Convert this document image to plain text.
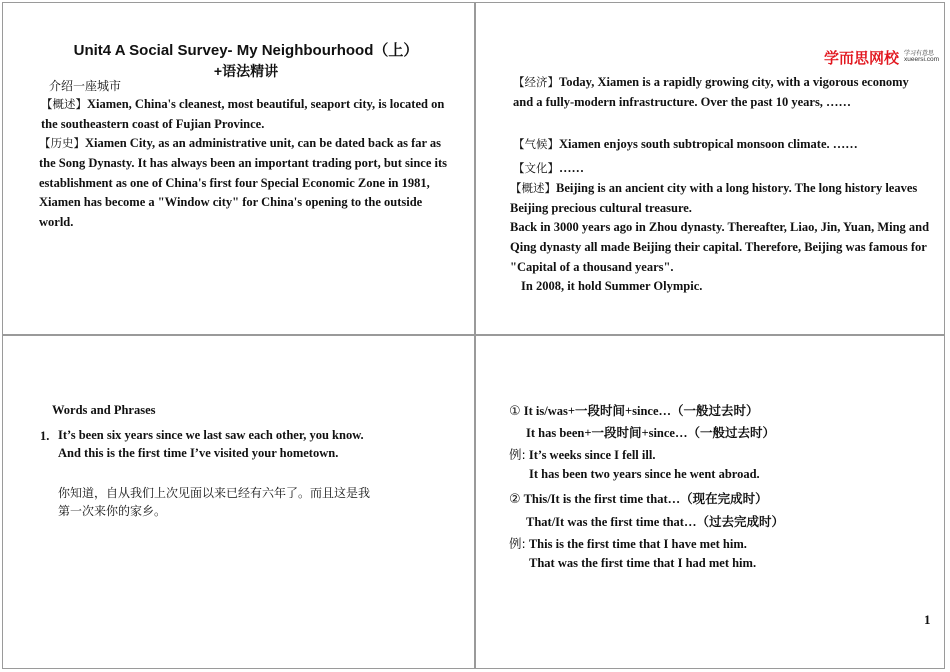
Unit4 A Social Survey- My Neighbourhood（上）
+语法精讲
介绍一座城市
【概述】Xiamen, China's cleanest, most beautiful, seaport city, is located on the southeastern coast of Fujian Province.
【历史】Xiamen City, as an administrative unit, can be dated back as far as the Song Dynasty. It has always been an important trading port, but since its establishment as one of China's first four Special Economic Zone in 1981, Xiamen has become a "Window city" for China's opening to the outside world.
学而思网校 学习有意思
xueersi.com
【经济】Today, Xiamen is a rapidly growing city, with a vigorous economy and a fully-modern infrastructure. Over the past 10 years, ……
【气候】Xiamen enjoys south subtropical monsoon climate. ……
【文化】……
【概述】Beijing is an ancient city with a long history. The long history leaves Beijing precious cultural treasure.
Back in 3000 years ago in Zhou dynasty. Thereafter, Liao, Jin, Yuan, Ming and Qing dynasty all made Beijing their capital. Therefore, Beijing was famous for "Capital of a thousand years".
In 2008, it hold Summer Olympic.
Words and Phrases
1. It’s been six years since we last saw each other, you know. And this is the first time I’ve visited your hometown.
你知道，自从我们上次见面以来已经有六年了。而且这是我第一次来你的家乡。
① It is/was+一段时间+since…（一般过去时）
It has been+一段时间+since…（一般过去时）
例: It’s weeks since I fell ill.
It has been two years since he went abroad.
② This/It is the first time that…（现在完成时）
That/It was the first time that…（过去完成时）
例: This is the first time that I have met him.
That was the first time that I had met him.
1
